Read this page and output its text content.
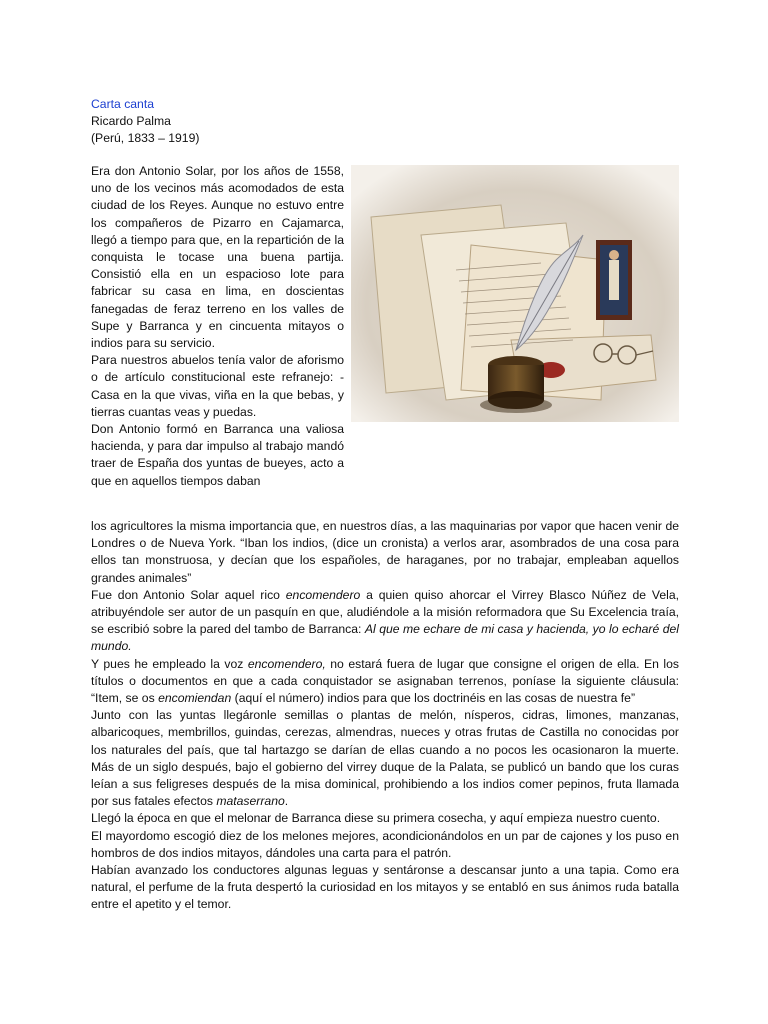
Carta canta
Ricardo Palma
(Perú, 1833 – 1919)

Era don Antonio Solar, por los años de 1558, uno de los vecinos más acomodados de esta ciudad de los Reyes. Aunque no estuvo entre los compañeros de Pizarro en Cajamarca, llegó a tiempo para que, en la repartición de la conquista le tocase una buena partija. Consistió ella en un espacioso lote para fabricar su casa en lima, en doscientas fanegadas de feraz terreno en los valles de Supe y Barranca y en cincuenta mitayos o indios para su servicio.

Para nuestros abuelos tenía valor de aforismo o de artículo constitucional este refranejo: - Casa en la que vivas, viña en la que bebas, y tierras cuantas veas y puedas.

Don Antonio formó en Barranca una valiosa hacienda, y para dar impulso al trabajo mandó traer de España dos yuntas de bueyes, acto a que en aquellos tiempos daban

los agricultores la misma importancia que, en nuestros días, a las maquinarias por vapor que hacen venir de Londres o de Nueva York. “Iban los indios, (dice un cronista) a verlos arar, asombrados de una cosa para ellos tan monstruosa, y decían que los españoles, de haraganes, por no trabajar, empleaban aquellos grandes animales”

Fue don Antonio Solar aquel rico encomendero a quien quiso ahorcar el Virrey Blasco Núñez de Vela, atribuyéndole ser autor de un pasquín en que, aludiéndole a la misión reformadora que Su Excelencia traía, se escribió sobre la pared del tambo de Barranca: Al que me echare de mi casa y hacienda, yo lo echaré del mundo.

Y pues he empleado la voz encomendero, no estará fuera de lugar que consigne el origen de ella. En los títulos o documentos en que a cada conquistador se asignaban terrenos, poníase la siguiente cláusula: “Item, se os encomiendan (aquí el número) indios para que los doctrinéis en las cosas de nuestra fe”

Junto con las yuntas llegáronle semillas o plantas de melón, nísperos, cidras, limones, manzanas, albaricoques, membrillos, guindas, cerezas, almendras, nueces y otras frutas de Castilla no conocidas por los naturales del país, que tal hartazgo se darían de ellas cuando a no pocos les ocasionaron la muerte. Más de un siglo después, bajo el gobierno del virrey duque de la Palata, se publicó un bando que los curas leían a sus feligreses después de la misa dominical, prohibiendo a los indios comer pepinos, fruta llamada por sus fatales efectos mataserrano.

Llegó la época en que el melonar de Barranca diese su primera cosecha, y aquí empieza nuestro cuento.

El mayordomo escogió diez de los melones mejores, acondicionándolos en un par de cajones y los puso en hombros de dos indios mitayos, dándoles una carta para el patrón.

Habían avanzado los conductores algunas leguas y sentáronse a descansar junto a una tapia. Como era natural, el perfume de la fruta despertó la curiosidad en los mitayos y se entabló en sus ánimos ruda batalla entre el apetito y el temor.
